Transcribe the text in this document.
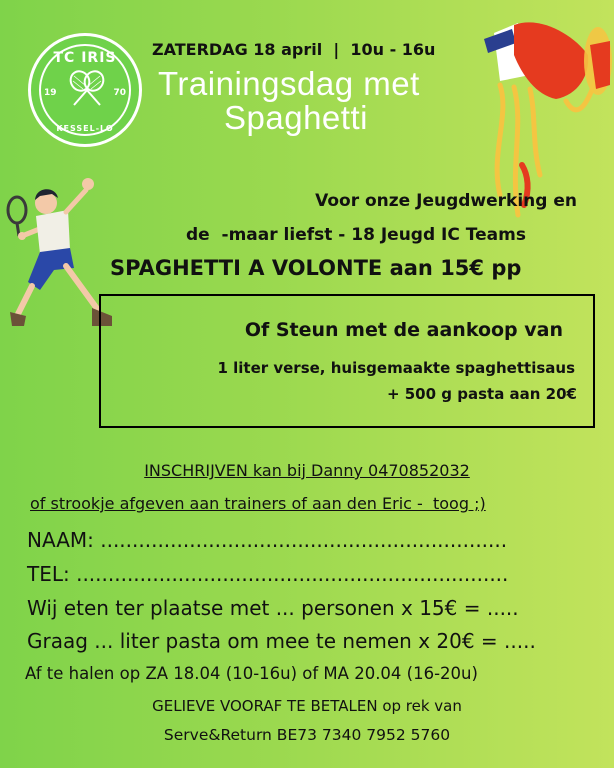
TC IRIS
19	70
KESSEL-LO
ZATERDAG 18 april  |  10u - 16u
Trainingsdag met
Spaghetti
Voor onze Jeugdwerking en
de  -maar liefst - 18 Jeugd IC Teams
SPAGHETTI A VOLONTE aan 15€ pp
Of Steun met de aankoop van
1 liter verse, huisgemaakte spaghettisaus
+ 500 g pasta aan 20€
INSCHRIJVEN kan bij Danny 0470852032
of strookje afgeven aan trainers of aan den Eric -  toog ;)
NAAM: ................................................................
TEL: ....................................................................
Wij eten ter plaatse met ... personen x 15€ = .....
Graag ... liter pasta om mee te nemen x 20€ = .....
Af te halen op ZA 18.04 (10-16u) of MA 20.04 (16-20u)
GELIEVE VOORAF TE BETALEN op rek van
Serve&Return BE73 7340 7952 5760
